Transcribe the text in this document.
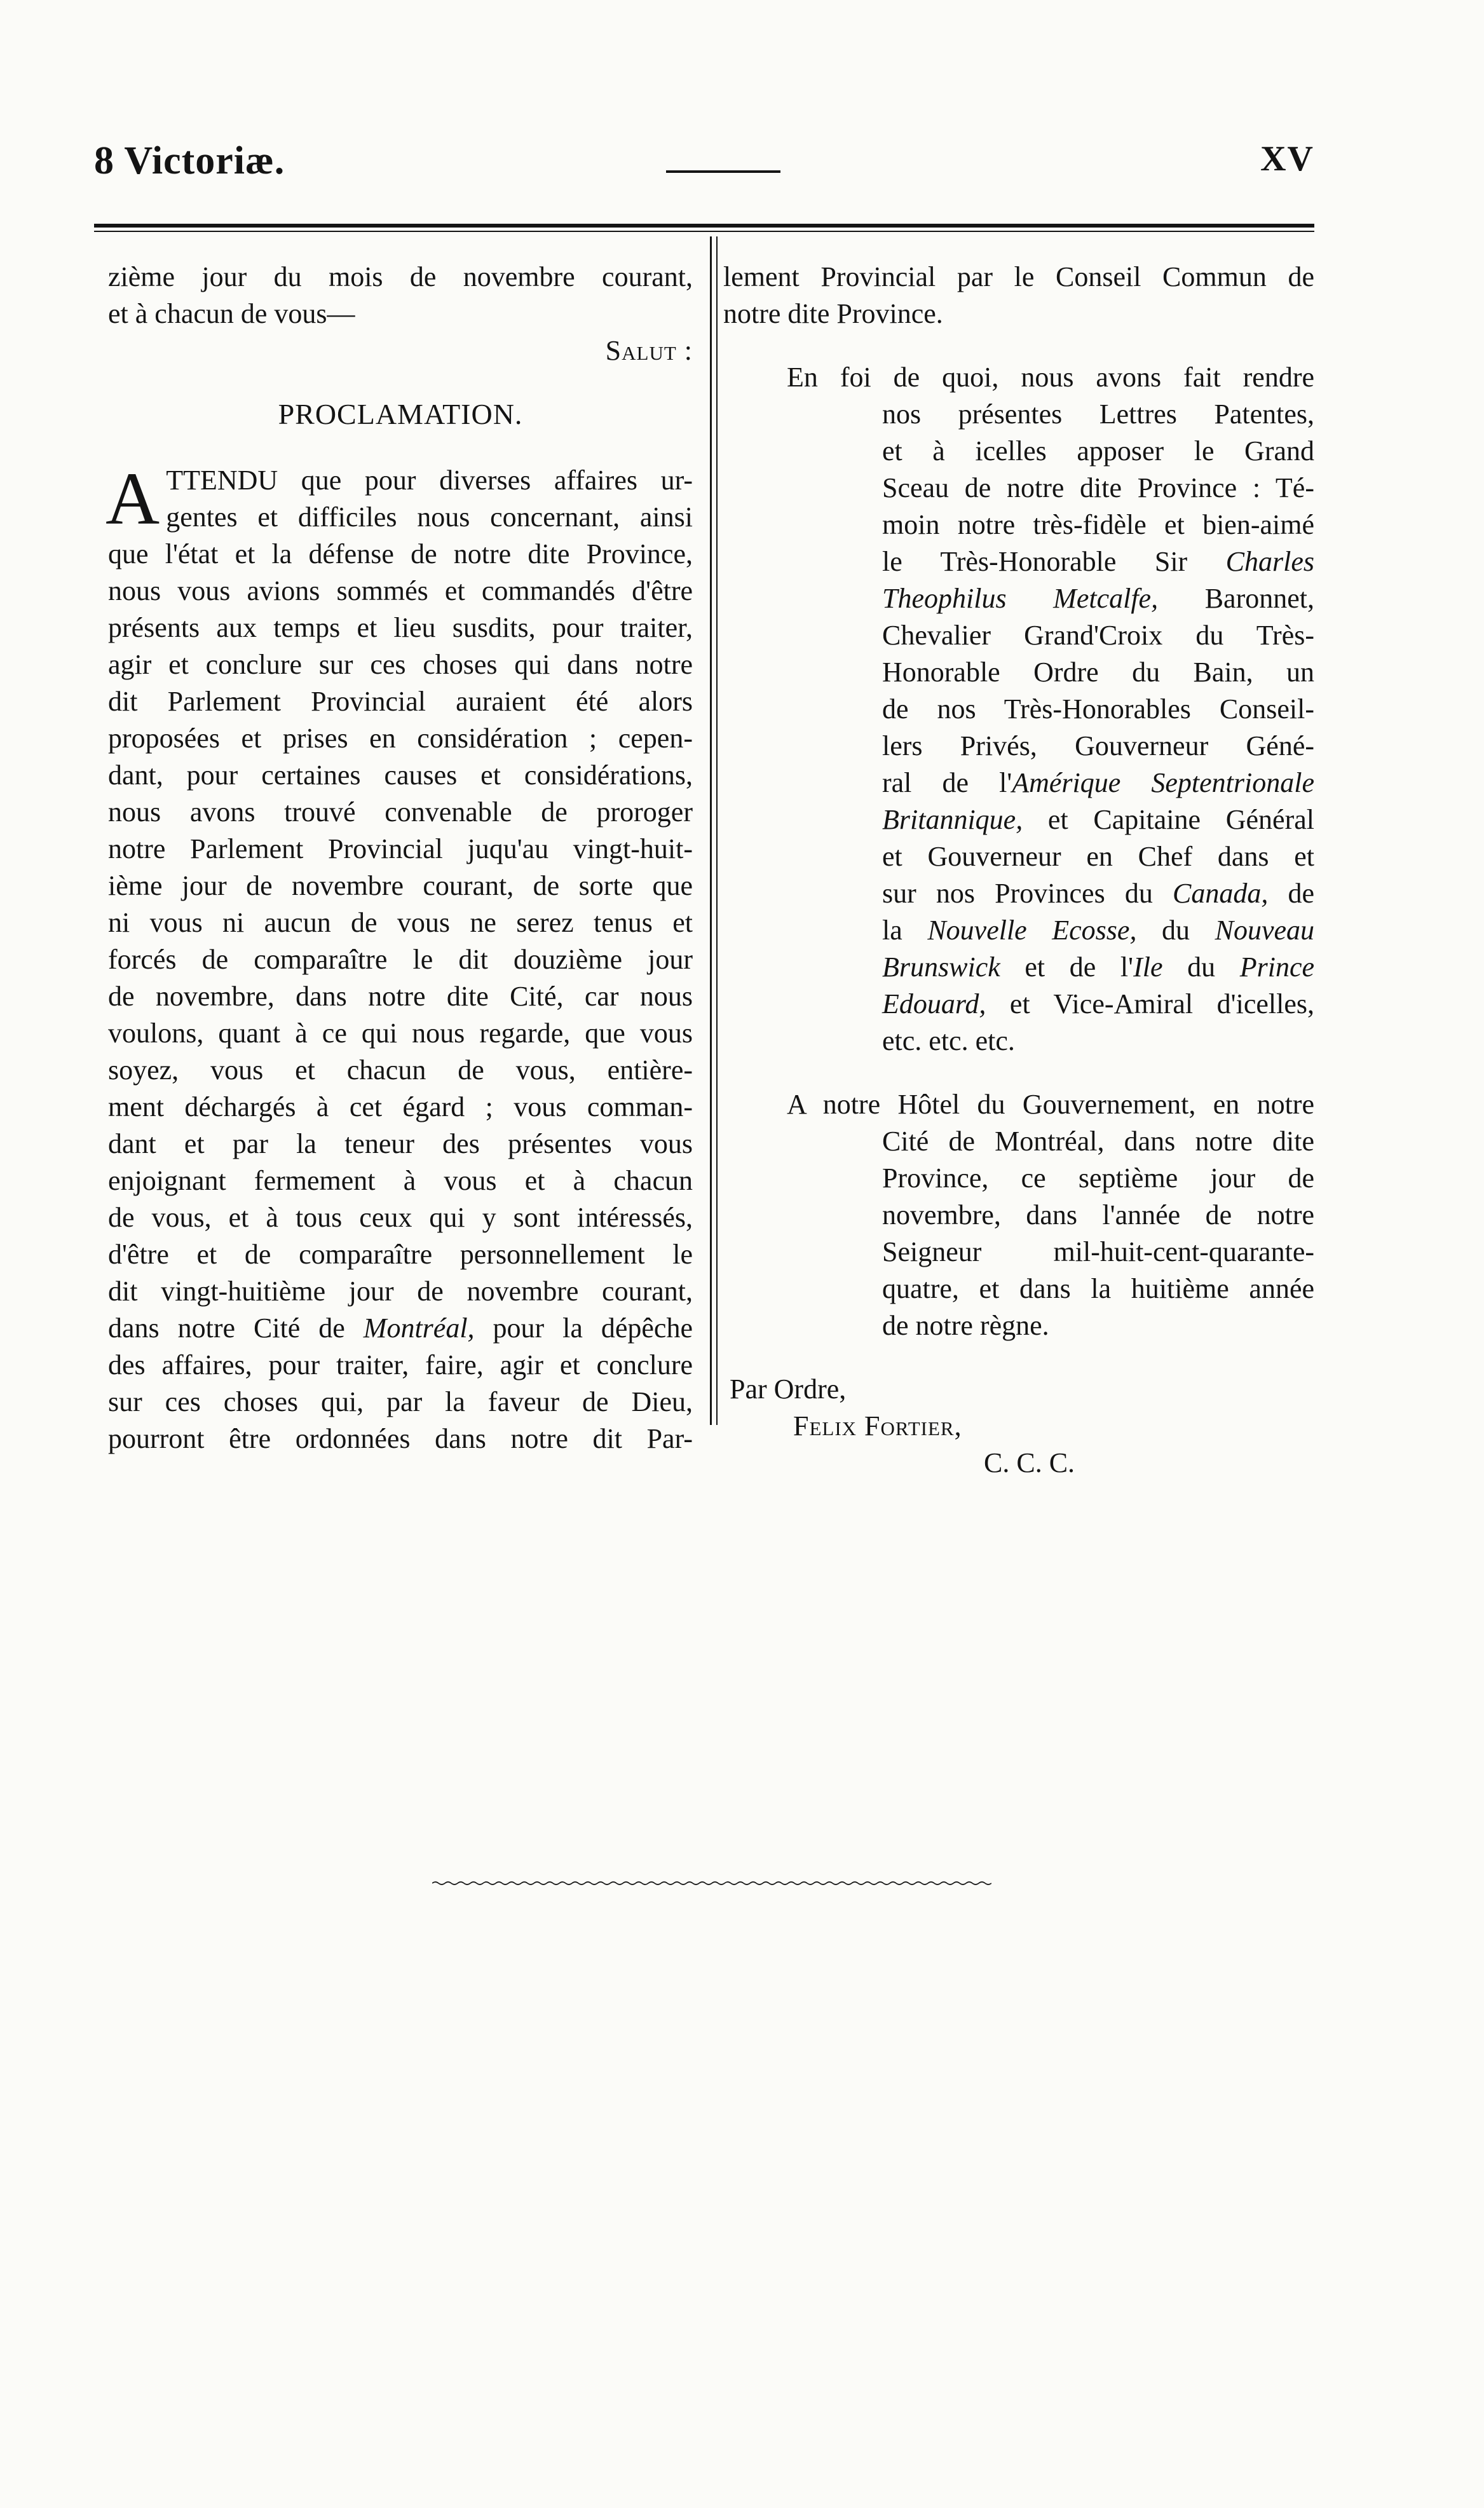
8 Victoriæ.	XV
zième jour du mois de novembre courant,
et à chacun de vous—
Salut :
PROCLAMATION.
A TTENDU que pour diverses affaires ur-
gentes et difficiles nous concernant, ainsi
que l'état et la défense de notre dite Province,
nous vous avions sommés et commandés d'être
présents aux temps et lieu susdits, pour traiter,
agir et conclure sur ces choses qui dans notre
dit Parlement Provincial auraient été alors
proposées et prises en considération ; cepen-
dant, pour certaines causes et considérations,
nous avons trouvé convenable de proroger
notre Parlement Provincial juqu'au vingt-huit-
ième jour de novembre courant, de sorte que
ni vous ni aucun de vous ne serez tenus et
forcés de comparaître le dit douzième jour
de novembre, dans notre dite Cité, car nous
voulons, quant à ce qui nous regarde, que vous
soyez, vous et chacun de vous, entière-
ment déchargés à cet égard ; vous comman-
dant et par la teneur des présentes vous
enjoignant fermement à vous et à chacun
de vous, et à tous ceux qui y sont intéressés,
d'être et de comparaître personnellement le
dit vingt-huitième jour de novembre courant,
dans notre Cité de Montréal, pour la dépêche
des affaires, pour traiter, faire, agir et conclure
sur ces choses qui, par la faveur de Dieu,
pourront être ordonnées dans notre dit Par-
lement Provincial par le Conseil Commun de
notre dite Province.
En foi de quoi, nous avons fait rendre
nos présentes Lettres Patentes,
et à icelles apposer le Grand
Sceau de notre dite Province : Té-
moin notre très-fidèle et bien-aimé
le Très-Honorable Sir Charles
Theophilus Metcalfe, Baronnet,
Chevalier Grand'Croix du Très-
Honorable Ordre du Bain, un
de nos Très-Honorables Conseil-
lers Privés, Gouverneur Géné-
ral de l'Amérique Septentrionale
Britannique, et Capitaine Général
et Gouverneur en Chef dans et
sur nos Provinces du Canada, de
la Nouvelle Ecosse, du Nouveau
Brunswick et de l'Ile du Prince
Edouard, et Vice-Amiral d'icelles,
etc. etc. etc.
A notre Hôtel du Gouvernement, en notre
Cité de Montréal, dans notre dite
Province, ce septième jour de
novembre, dans l'année de notre
Seigneur mil-huit-cent-quarante-
quatre, et dans la huitième année
de notre règne.
Par Ordre,
Felix Fortier,
C. C. C.
